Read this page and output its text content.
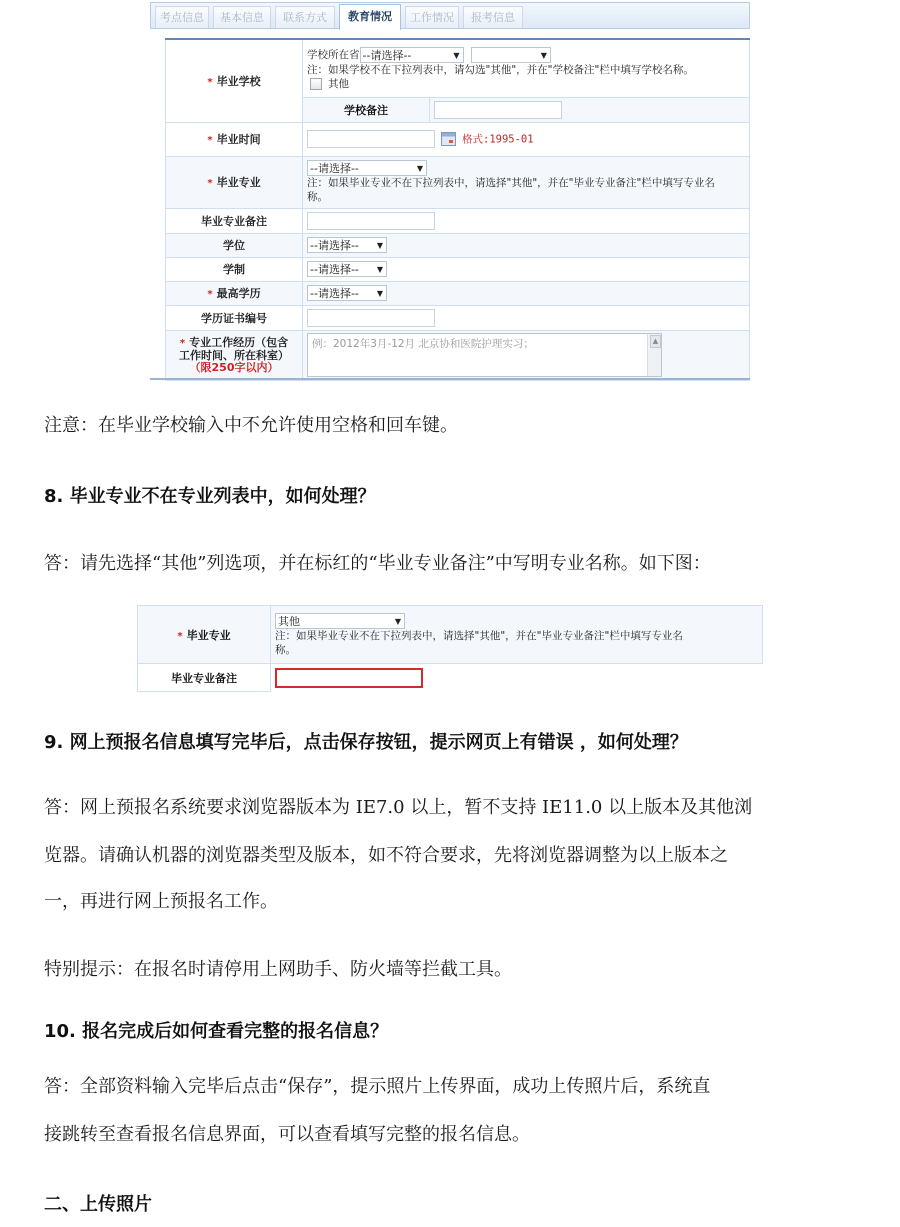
考点信息	基本信息	联系方式	教育情况	工作情况	报考信息
* 毕业学校	学校所在省 --请选择-- ▼
▼

注：如果学校不在下拉列表中，请勾选"其他"，并在"学校备注"栏中填写学校名称。
其他	
	学校备注	
* 毕业时间	格式:1995-01	
* 毕业专业	--请选择-- ▼

注：如果毕业专业不在下拉列表中，请选择"其他"，并在"毕业专业备注"栏中填写专业名
称。	
毕业专业备注		
学位	--请选择-- ▼	

学制	--请选择-- ▼	

* 最高学历	--请选择-- ▼	

学历证书编号		
* 专业工作经历（包含
工作时间、所在科室）
（限250字以内）	例：2012年3月-12月 北京协和医院护理实习；
▲
注意：在毕业学校输入中不允许使用空格和回车键。
8. 毕业专业不在专业列表中，如何处理？
答：请先选择“其他”列选项，并在标红的“毕业专业备注”中写明专业名称。如下图：
* 毕业专业	其他 ▼

注：如果毕业专业不在下拉列表中，请选择"其他"，并在"毕业专业备注"栏中填写专业名
称。
毕业专业备注	
9. 网上预报名信息填写完毕后，点击保存按钮，提示网页上有错误 ，如何处理？
答：网上预报名系统要求浏览器版本为 IE7.0 以上，暂不支持 IE11.0 以上版本及其他浏
览器。请确认机器的浏览器类型及版本，如不符合要求，先将浏览器调整为以上版本之
一，再进行网上预报名工作。
特别提示：在报名时请停用上网助手、防火墙等拦截工具。
10. 报名完成后如何查看完整的报名信息？
答：全部资料输入完毕后点击“保存”，提示照片上传界面，成功上传照片后，系统直
接跳转至查看报名信息界面，可以查看填写完整的报名信息。
二、上传照片
